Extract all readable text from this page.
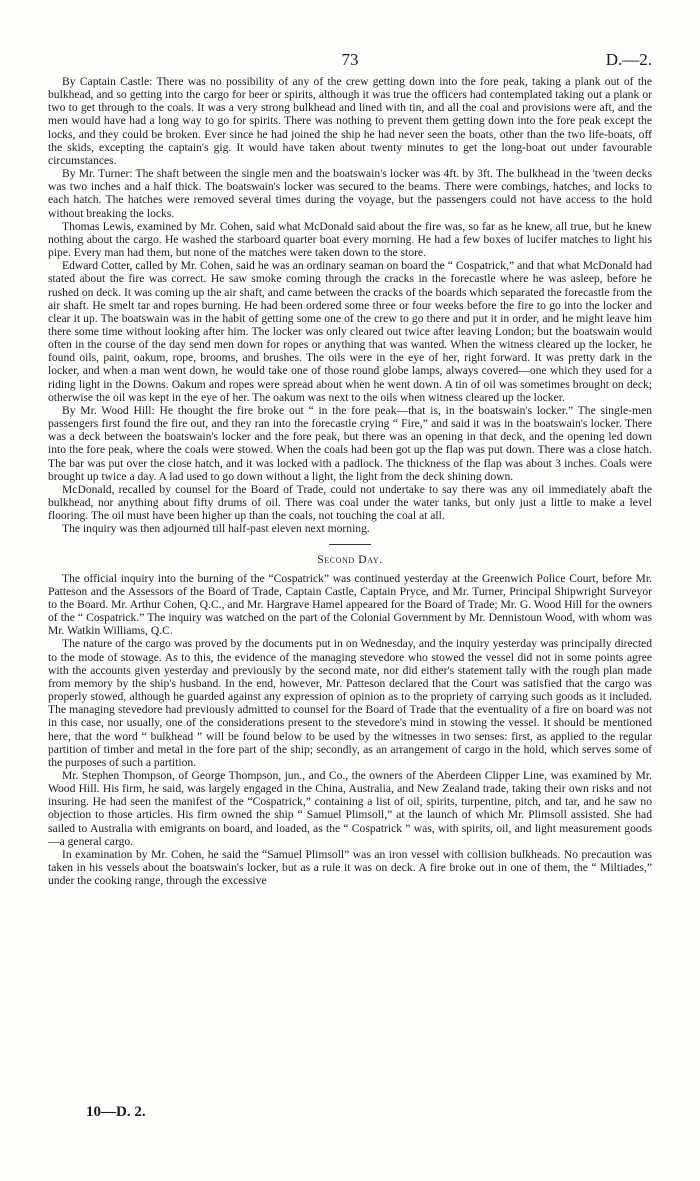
73	D.—2.

By Captain Castle: There was no possibility of any of the crew getting down into the fore peak, taking a plank out of the bulkhead, and so getting into the cargo for beer or spirits, although it was true the officers had contemplated taking out a plank or two to get through to the coals. It was a very strong bulkhead and lined with tin, and all the coal and provisions were aft, and the men would have had a long way to go for spirits. There was nothing to prevent them getting down into the fore peak except the locks, and they could be broken. Ever since he had joined the ship he had never seen the boats, other than the two life-boats, off the skids, excepting the captain's gig. It would have taken about twenty minutes to get the long-boat out under favourable circumstances.

By Mr. Turner: The shaft between the single men and the boatswain's locker was 4ft. by 3ft. The bulkhead in the 'tween decks was two inches and a half thick. The boatswain's locker was secured to the beams. There were combings, hatches, and locks to each hatch. The hatches were removed several times during the voyage, but the passengers could not have access to the hold without breaking the locks.

Thomas Lewis, examined by Mr. Cohen, said what McDonald said about the fire was, so far as he knew, all true, but he knew nothing about the cargo. He washed the starboard quarter boat every morning. He had a few boxes of lucifer matches to light his pipe. Every man had them, but none of the matches were taken down to the store.

Edward Cotter, called by Mr. Cohen, said he was an ordinary seaman on board the “ Cospatrick,” and that what McDonald had stated about the fire was correct. He saw smoke coming through the cracks in the forecastle where he was asleep, before he rushed on deck. It was coming up the air shaft, and came between the cracks of the boards which separated the forecastle from the air shaft. He smelt tar and ropes burning. He had been ordered some three or four weeks before the fire to go into the locker and clear it up. The boatswain was in the habit of getting some one of the crew to go there and put it in order, and he might leave him there some time without looking after him. The locker was only cleared out twice after leaving London; but the boatswain would often in the course of the day send men down for ropes or anything that was wanted. When the witness cleared up the locker, he found oils, paint, oakum, rope, brooms, and brushes. The oils were in the eye of her, right forward. It was pretty dark in the locker, and when a man went down, he would take one of those round globe lamps, always covered—one which they used for a riding light in the Downs. Oakum and ropes were spread about when he went down. A tin of oil was sometimes brought on deck; otherwise the oil was kept in the eye of her. The oakum was next to the oils when witness cleared up the locker.

By Mr. Wood Hill: He thought the fire broke out “ in the fore peak—that is, in the boatswain's locker.” The single-men passengers first found the fire out, and they ran into the forecastle crying “ Fire,” and said it was in the boatswain's locker. There was a deck between the boatswain's locker and the fore peak, but there was an opening in that deck, and the opening led down into the fore peak, where the coals were stowed. When the coals had been got up the flap was put down. There was a close hatch. The bar was put over the close hatch, and it was locked with a padlock. The thickness of the flap was about 3 inches. Coals were brought up twice a day. A lad used to go down without a light, the light from the deck shining down.

McDonald, recalled by counsel for the Board of Trade, could not undertake to say there was any oil immediately abaft the bulkhead, nor anything about fifty drums of oil. There was coal under the water tanks, but only just a little to make a level flooring. The oil must have been higher up than the coals, not touching the coal at all.

The inquiry was then adjourned till half-past eleven next morning.

Second Day.

The official inquiry into the burning of the “Cospatrick” was continued yesterday at the Greenwich Police Court, before Mr. Patteson and the Assessors of the Board of Trade, Captain Castle, Captain Pryce, and Mr. Turner, Principal Shipwright Surveyor to the Board. Mr. Arthur Cohen, Q.C., and Mr. Hargrave Hamel appeared for the Board of Trade; Mr. G. Wood Hill for the owners of the “ Cospatrick.” The inquiry was watched on the part of the Colonial Government by Mr. Dennistoun Wood, with whom was Mr. Watkin Williams, Q.C.

The nature of the cargo was proved by the documents put in on Wednesday, and the inquiry yesterday was principally directed to the mode of stowage. As to this, the evidence of the managing stevedore who stowed the vessel did not in some points agree with the accounts given yesterday and previously by the second mate, nor did either's statement tally with the rough plan made from memory by the ship's husband. In the end, however, Mr. Patteson declared that the Court was satisfied that the cargo was properly stowed, although he guarded against any expression of opinion as to the propriety of carrying such goods as it included. The managing stevedore had previously admitted to counsel for the Board of Trade that the eventuality of a fire on board was not in this case, nor usually, one of the considerations present to the stevedore's mind in stowing the vessel. It should be mentioned here, that the word “ bulkhead ” will be found below to be used by the witnesses in two senses: first, as applied to the regular partition of timber and metal in the fore part of the ship; secondly, as an arrangement of cargo in the hold, which serves some of the purposes of such a partition.

Mr. Stephen Thompson, of George Thompson, jun., and Co., the owners of the Aberdeen Clipper Line, was examined by Mr. Wood Hill. His firm, he said, was largely engaged in the China, Australia, and New Zealand trade, taking their own risks and not insuring. He had seen the manifest of the “Cospatrick,” containing a list of oil, spirits, turpentine, pitch, and tar, and he saw no objection to those articles. His firm owned the ship “ Samuel Plimsoll,” at the launch of which Mr. Plimsoll assisted. She had sailed to Australia with emigrants on board, and loaded, as the “ Cospatrick ” was, with spirits, oil, and light measurement goods—a general cargo.

In examination by Mr. Cohen, he said the “Samuel Plimsoll” was an iron vessel with collision bulkheads. No precaution was taken in his vessels about the boatswain's locker, but as a rule it was on deck. A fire broke out in one of them, the “ Miltiades,” under the cooking range, through the excessive

10—D. 2.
